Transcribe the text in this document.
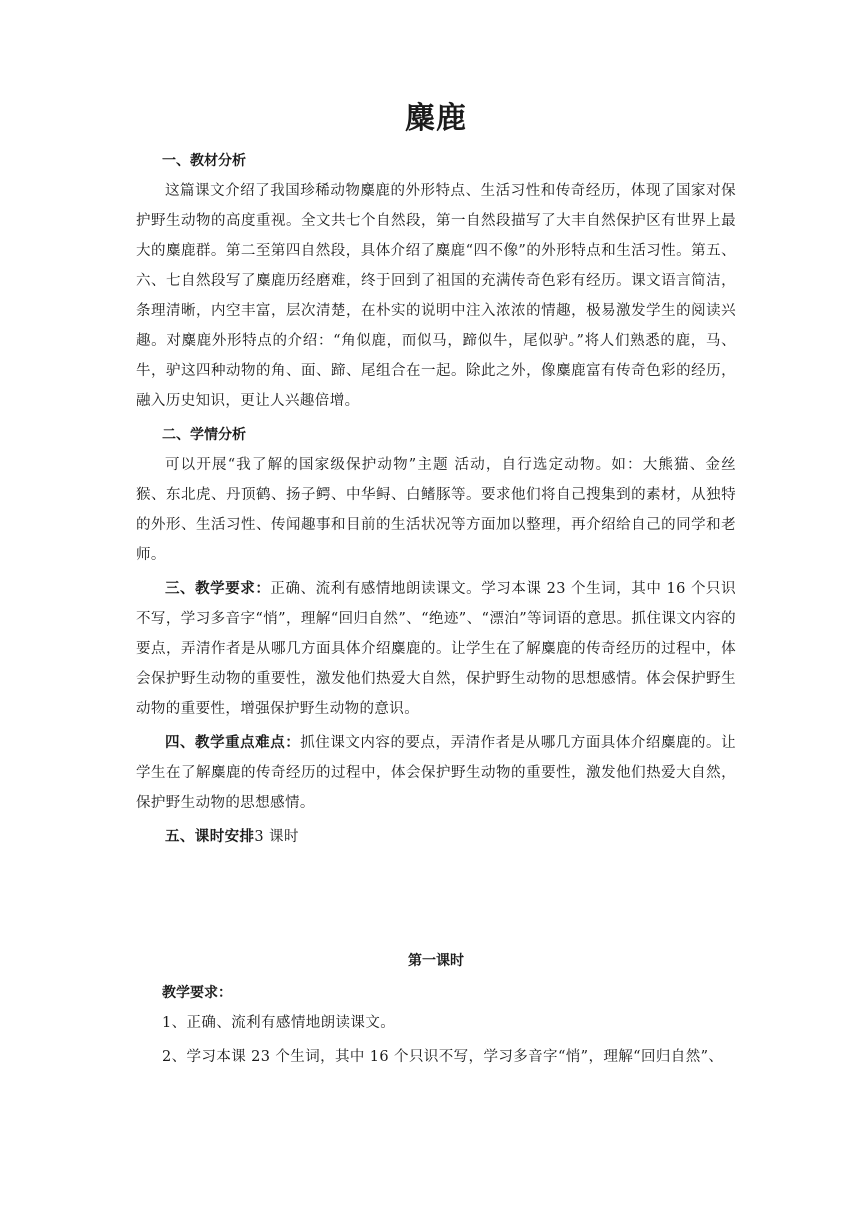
麋鹿

一、教材分析

这篇课文介绍了我国珍稀动物麋鹿的外形特点、生活习性和传奇经历，体现了国家对保护野生动物的高度重视。全文共七个自然段，第一自然段描写了大丰自然保护区有世界上最大的麋鹿群。第二至第四自然段，具体介绍了麋鹿“四不像”的外形特点和生活习性。第五、六、七自然段写了麋鹿历经磨难，终于回到了祖国的充满传奇色彩有经历。课文语言简洁，条理清晰，内空丰富，层次清楚，在朴实的说明中注入浓浓的情趣，极易激发学生的阅读兴趣。对麋鹿外形特点的介绍：“角似鹿，而似马，蹄似牛，尾似驴。”将人们熟悉的鹿，马、牛，驴这四种动物的角、面、蹄、尾组合在一起。除此之外，像麋鹿富有传奇色彩的经历，融入历史知识，更让人兴趣倍增。

二、学情分析

可以开展“我了解的国家级保护动物”主题 活动，自行选定动物。如：大熊猫、金丝猴、东北虎、丹顶鹤、扬子鳄、中华鲟、白鳍豚等。要求他们将自己搜集到的素材，从独特的外形、生活习性、传闻趣事和目前的生活状况等方面加以整理，再介绍给自己的同学和老师。

三、教学要求：正确、流利有感情地朗读课文。学习本课 23 个生词，其中 16 个只识不写，学习多音字“悄”，理解“回归自然”、“绝迹”、“漂泊”等词语的意思。抓住课文内容的要点，弄清作者是从哪几方面具体介绍麋鹿的。让学生在了解麋鹿的传奇经历的过程中，体会保护野生动物的重要性，激发他们热爱大自然，保护野生动物的思想感情。体会保护野生动物的重要性，增强保护野生动物的意识。

四、教学重点难点：抓住课文内容的要点，弄清作者是从哪几方面具体介绍麋鹿的。让学生在了解麋鹿的传奇经历的过程中，体会保护野生动物的重要性，激发他们热爱大自然，保护野生动物的思想感情。

五、课时安排3 课时

第一课时

教学要求：

1、正确、流利有感情地朗读课文。

2、学习本课 23 个生词，其中 16 个只识不写，学习多音字“悄”，理解“回归自然”、
